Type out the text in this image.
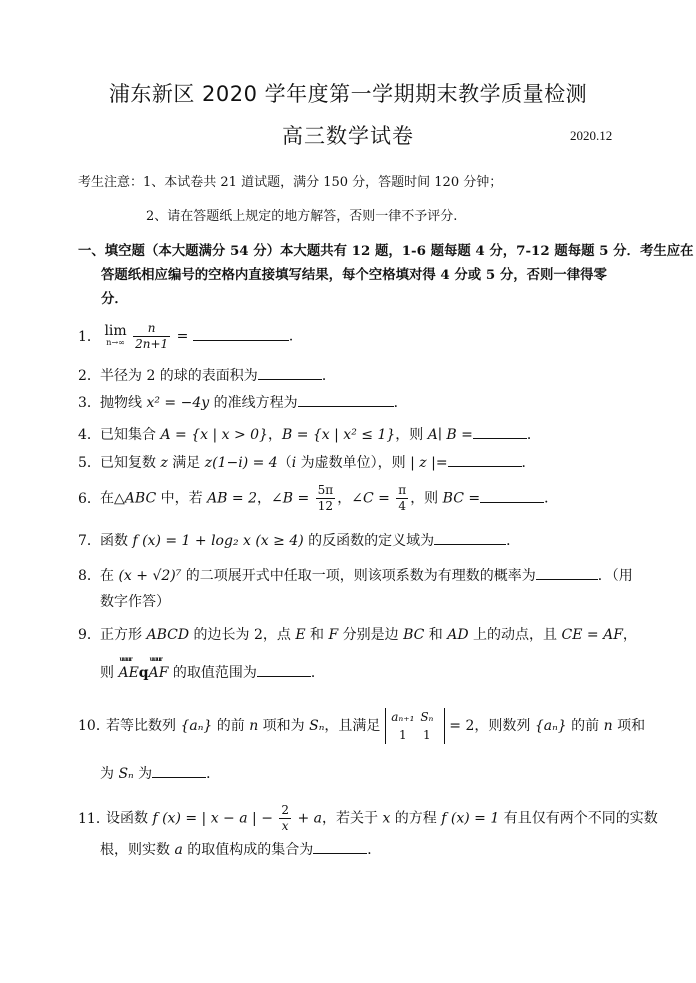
浦东新区 2020 学年度第一学期期末教学质量检测
高三数学试卷	2020.12
考生注意：1、本试卷共 21 道试题，满分 150 分，答题时间 120 分钟；
2、请在答题纸上规定的地方解答，否则一律不予评分.
一、填空题（本大题满分 54 分）本大题共有 12 题，1-6 题每题 4 分，7-12 题每题 5 分．考生应在
答题纸相应编号的空格内直接填写结果，每个空格填对得 4 分或 5 分，否则一律得零
分．
1． lim
n→∞
$\frac{n}{2n+1}$ =	．
2．半径为 2 的球的表面积为	．
3．抛物线 x² = −4y 的准线方程为	．
4．已知集合 A = {x | x > 0}，B = {x | x² ≤ 1}，则 A∣ B =	．
5．已知复数 z 满足 z(1−i) = 4（i 为虚数单位），则 | z |=	．
6．在△ABC 中，若 AB = 2，∠B = $\frac{5\pi}{12}$ ，∠C = $\frac{\pi}{4}$ ，则 BC =	．
7．函数 f (x) = 1 + log₂ x (x ≥ 4) 的反函数的定义域为	．
8．在 (x + √2)⁷ 的二项展开式中任取一项，则该项系数为有理数的概率为	．（用
数字作答）
9．正方形 ABCD 的边长为 2，点 E 和 F 分别是边 BC 和 AD 上的动点，且 CE = AF，
则 uuur AEquuur AF 的取值范围为	．
10．若等比数列 {aₙ} 的前 n 项和为 Sₙ，且满足
aₙ₊₁ Sₙ
1 1
= 2，则数列 {aₙ} 的前 n 项和
为 Sₙ 为	．
11．设函数 f (x) = | x − a | − $\frac{2}{x} + a$，若关于 x 的方程 f (x) = 1 有且仅有两个不同的实数
根，则实数 a 的取值构成的集合为	．
